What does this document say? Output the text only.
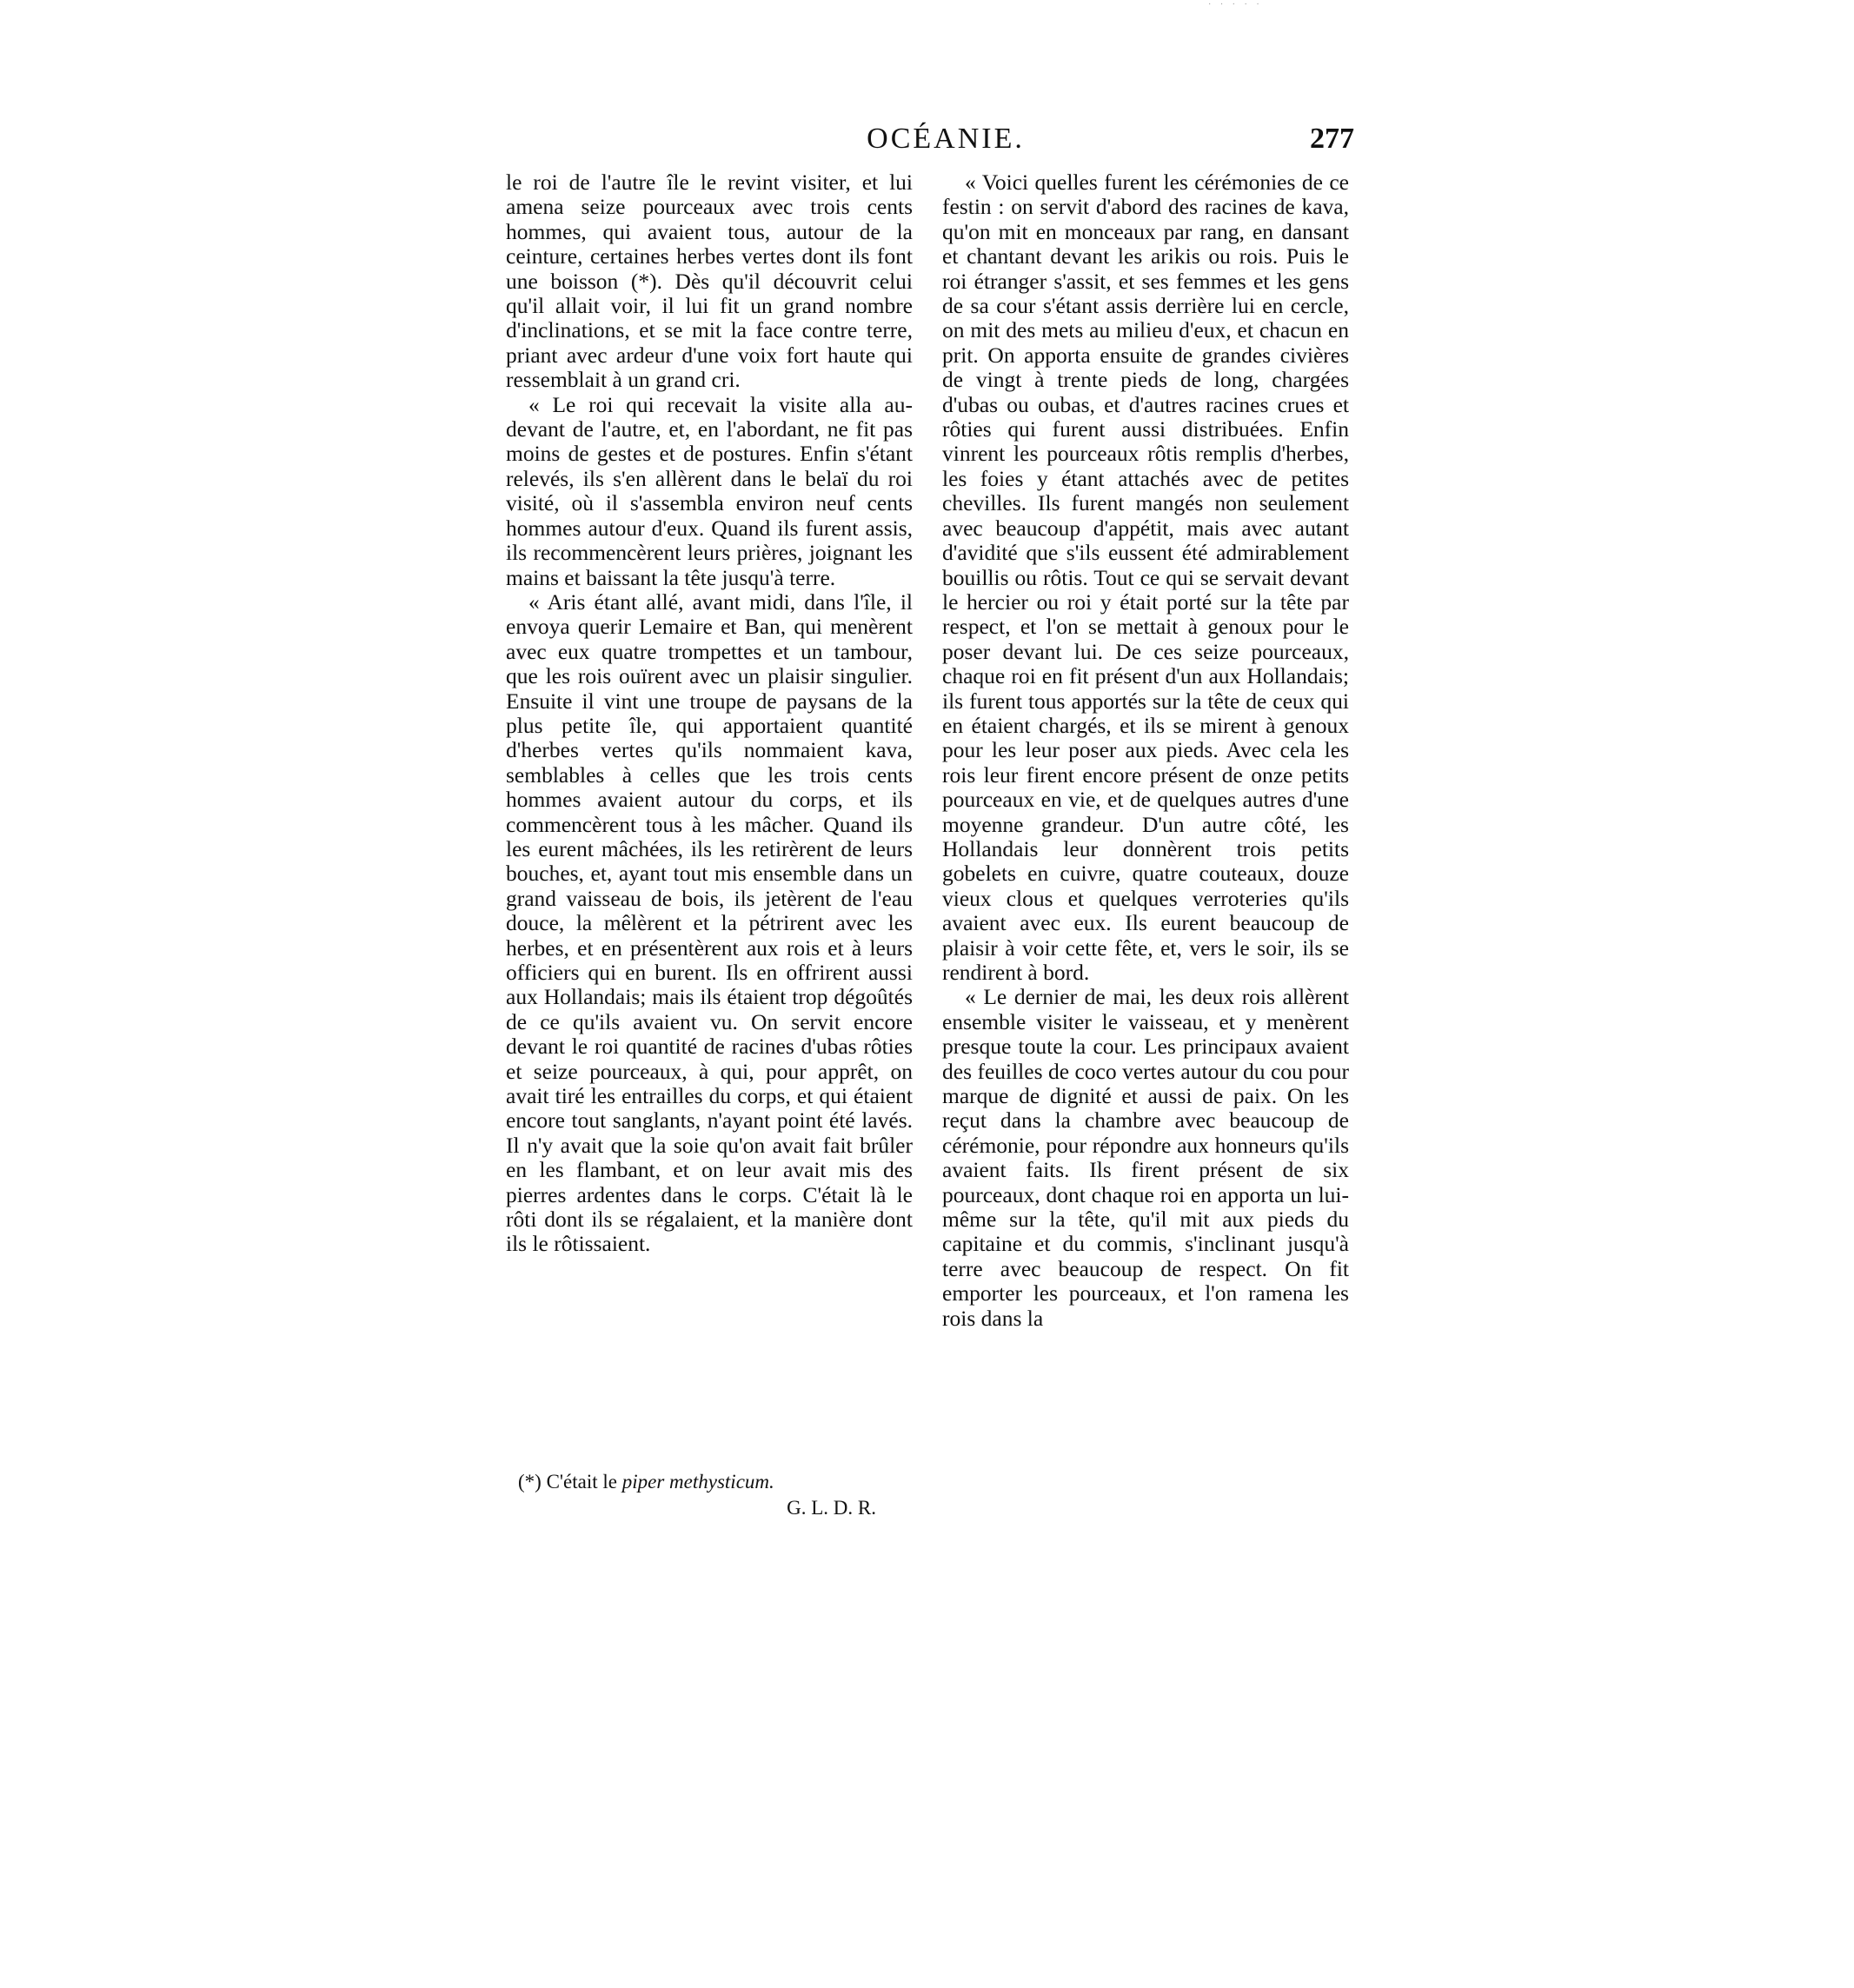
· · · · ·
OCÉANIE.	277

le roi de l'autre île le revint visiter, et lui amena seize pourceaux avec trois cents hommes, qui avaient tous, autour de la ceinture, certaines herbes vertes dont ils font une boisson (*). Dès qu'il découvrit celui qu'il allait voir, il lui fit un grand nombre d'inclinations, et se mit la face contre terre, priant avec ardeur d'une voix fort haute qui ressemblait à un grand cri.

« Le roi qui recevait la visite alla au-devant de l'autre, et, en l'abordant, ne fit pas moins de gestes et de postures. Enfin s'étant relevés, ils s'en allèrent dans le belaï du roi visité, où il s'assembla environ neuf cents hommes autour d'eux. Quand ils furent assis, ils recommencèrent leurs prières, joignant les mains et baissant la tête jusqu'à terre.

« Aris étant allé, avant midi, dans l'île, il envoya querir Lemaire et Ban, qui menèrent avec eux quatre trompettes et un tambour, que les rois ouïrent avec un plaisir singulier. Ensuite il vint une troupe de paysans de la plus petite île, qui apportaient quantité d'herbes vertes qu'ils nommaient kava, semblables à celles que les trois cents hommes avaient autour du corps, et ils commencèrent tous à les mâcher. Quand ils les eurent mâchées, ils les retirèrent de leurs bouches, et, ayant tout mis ensemble dans un grand vaisseau de bois, ils jetèrent de l'eau douce, la mêlèrent et la pétrirent avec les herbes, et en présentèrent aux rois et à leurs officiers qui en burent. Ils en offrirent aussi aux Hollandais; mais ils étaient trop dégoûtés de ce qu'ils avaient vu. On servit encore devant le roi quantité de racines d'ubas rôties et seize pourceaux, à qui, pour apprêt, on avait tiré les entrailles du corps, et qui étaient encore tout sanglants, n'ayant point été lavés. Il n'y avait que la soie qu'on avait fait brûler en les flambant, et on leur avait mis des pierres ardentes dans le corps. C'était là le rôti dont ils se régalaient, et la manière dont ils le rôtissaient.

(*) C'était le piper methysticum.
G. L. D. R.

« Voici quelles furent les cérémonies de ce festin : on servit d'abord des racines de kava, qu'on mit en monceaux par rang, en dansant et chantant devant les arikis ou rois. Puis le roi étranger s'assit, et ses femmes et les gens de sa cour s'étant assis derrière lui en cercle, on mit des mets au milieu d'eux, et chacun en prit. On apporta ensuite de grandes civières de vingt à trente pieds de long, chargées d'ubas ou oubas, et d'autres racines crues et rôties qui furent aussi distribuées. Enfin vinrent les pourceaux rôtis remplis d'herbes, les foies y étant attachés avec de petites chevilles. Ils furent mangés non seulement avec beaucoup d'appétit, mais avec autant d'avidité que s'ils eussent été admirablement bouillis ou rôtis. Tout ce qui se servait devant le hercier ou roi y était porté sur la tête par respect, et l'on se mettait à genoux pour le poser devant lui. De ces seize pourceaux, chaque roi en fit présent d'un aux Hollandais; ils furent tous apportés sur la tête de ceux qui en étaient chargés, et ils se mirent à genoux pour les leur poser aux pieds. Avec cela les rois leur firent encore présent de onze petits pourceaux en vie, et de quelques autres d'une moyenne grandeur. D'un autre côté, les Hollandais leur donnèrent trois petits gobelets en cuivre, quatre couteaux, douze vieux clous et quelques verroteries qu'ils avaient avec eux. Ils eurent beaucoup de plaisir à voir cette fête, et, vers le soir, ils se rendirent à bord.

« Le dernier de mai, les deux rois allèrent ensemble visiter le vaisseau, et y menèrent presque toute la cour. Les principaux avaient des feuilles de coco vertes autour du cou pour marque de dignité et aussi de paix. On les reçut dans la chambre avec beaucoup de cérémonie, pour répondre aux honneurs qu'ils avaient faits. Ils firent présent de six pourceaux, dont chaque roi en apporta un lui-même sur la tête, qu'il mit aux pieds du capitaine et du commis, s'inclinant jusqu'à terre avec beaucoup de respect. On fit emporter les pourceaux, et l'on ramena les rois dans la
